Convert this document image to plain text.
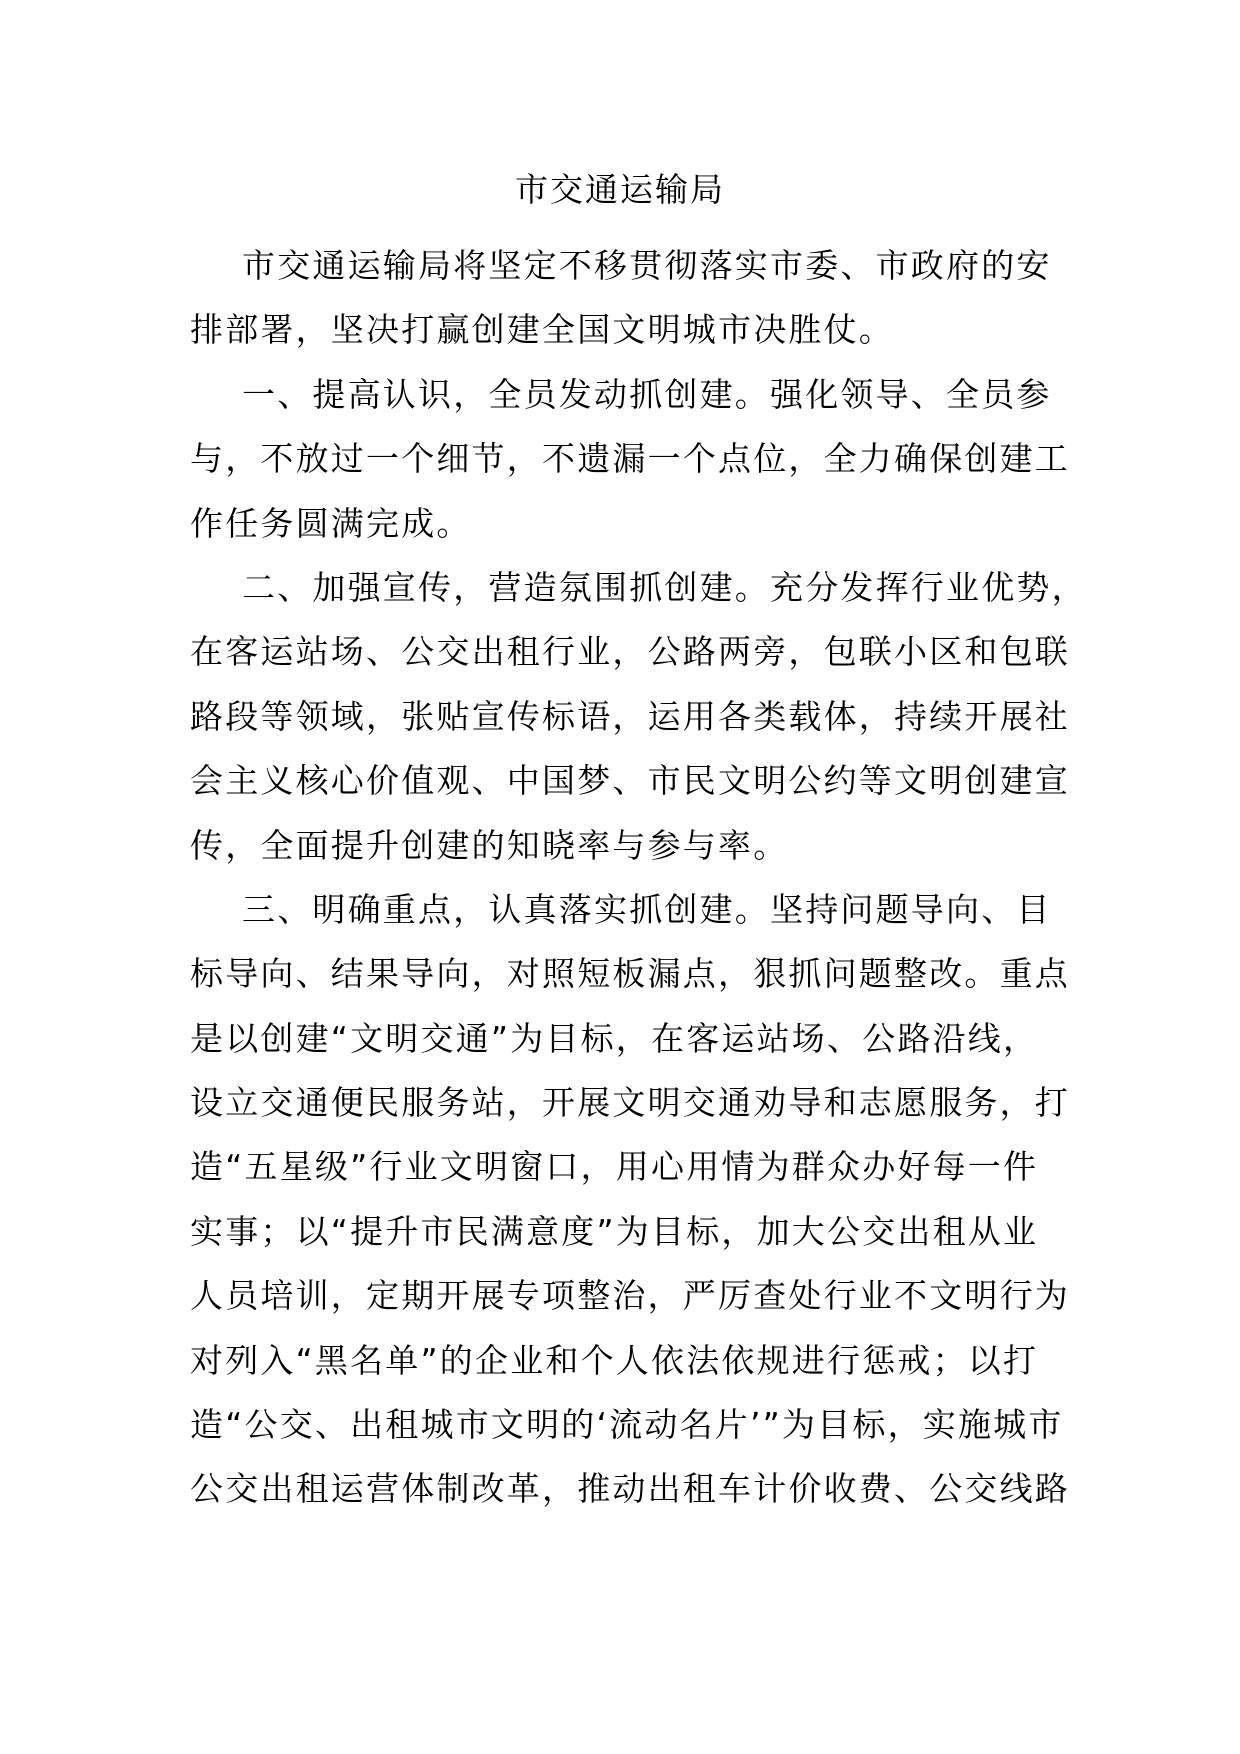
市交通运输局
市交通运输局将坚定不移贯彻落实市委、市政府的安
排部署，坚决打赢创建全国文明城市决胜仗。
一、提高认识，全员发动抓创建。强化领导、全员参
与，不放过一个细节，不遗漏一个点位，全力确保创建工
作任务圆满完成。
二、加强宣传，营造氛围抓创建。充分发挥行业优势，
在客运站场、公交出租行业，公路两旁，包联小区和包联
路段等领域，张贴宣传标语，运用各类载体，持续开展社
会主义核心价值观、中国梦、市民文明公约等文明创建宣
传，全面提升创建的知晓率与参与率。
三、明确重点，认真落实抓创建。坚持问题导向、目
标导向、结果导向，对照短板漏点，狠抓问题整改。重点
是以创建“文明交通”为目标，在客运站场、公路沿线，
设立交通便民服务站，开展文明交通劝导和志愿服务，打
造“五星级”行业文明窗口，用心用情为群众办好每一件
实事；以“提升市民满意度”为目标，加大公交出租从业
人员培训，定期开展专项整治，严厉查处行业不文明行为
对列入“黑名单”的企业和个人依法依规进行惩戒；以打
造“公交、出租城市文明的‘流动名片’”为目标，实施城市
公交出租运营体制改革，推动出租车计价收费、公交线路
